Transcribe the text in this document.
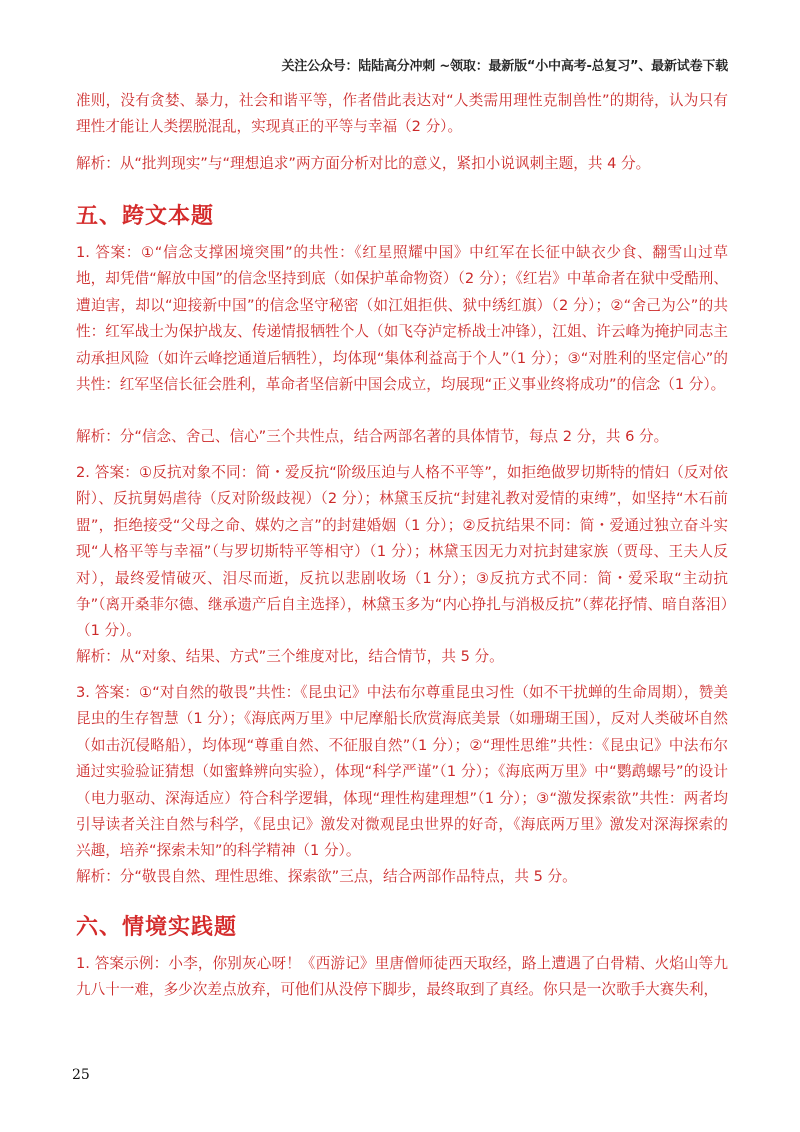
关注公众号：陆陆高分冲刺 ~领取：最新版“小中高考-总复习”、最新试卷下载

准则，没有贪婪、暴力，社会和谐平等，作者借此表达对“人类需用理性克制兽性”的期待，认为只有理性才能让人类摆脱混乱，实现真正的平等与幸福（2 分）。

解析：从“批判现实”与“理想追求”两方面分析对比的意义，紧扣小说讽刺主题，共 4 分。

五、跨文本题

1. 答案：①“信念支撑困境突围”的共性：《红星照耀中国》中红军在长征中缺衣少食、翻雪山过草地，却凭借“解放中国”的信念坚持到底（如保护革命物资）（2 分）；《红岩》中革命者在狱中受酷刑、遭迫害，却以“迎接新中国”的信念坚守秘密（如江姐拒供、狱中绣红旗）（2 分）；②“舍己为公”的共性：红军战士为保护战友、传递情报牺牲个人（如飞夺泸定桥战士冲锋），江姐、许云峰为掩护同志主动承担风险（如许云峰挖通道后牺牲），均体现“集体利益高于个人”（1 分）；③“对胜利的坚定信心”的共性：红军坚信长征会胜利，革命者坚信新中国会成立，均展现“正义事业终将成功”的信念（1 分）。

解析：分“信念、舍己、信心”三个共性点，结合两部名著的具体情节，每点 2 分，共 6 分。

2. 答案：①反抗对象不同：简・爱反抗“阶级压迫与人格不平等”，如拒绝做罗切斯特的情妇（反对依附）、反抗舅妈虐待（反对阶级歧视）（2 分）；林黛玉反抗“封建礼教对爱情的束缚”，如坚持“木石前盟”，拒绝接受“父母之命、媒妁之言”的封建婚姻（1 分）；②反抗结果不同：简・爱通过独立奋斗实现“人格平等与幸福”（与罗切斯特平等相守）（1 分）；林黛玉因无力对抗封建家族（贾母、王夫人反对），最终爱情破灭、泪尽而逝，反抗以悲剧收场（1 分）；③反抗方式不同：简・爱采取“主动抗争”（离开桑菲尔德、继承遗产后自主选择），林黛玉多为“内心挣扎与消极反抗”（葬花抒情、暗自落泪）（1 分）。

解析：从“对象、结果、方式”三个维度对比，结合情节，共 5 分。

3. 答案：①“对自然的敬畏”共性：《昆虫记》中法布尔尊重昆虫习性（如不干扰蝉的生命周期），赞美昆虫的生存智慧（1 分）；《海底两万里》中尼摩船长欣赏海底美景（如珊瑚王国），反对人类破坏自然（如击沉侵略船），均体现“尊重自然、不征服自然”（1 分）；②“理性思维”共性：《昆虫记》中法布尔通过实验验证猜想（如蜜蜂辨向实验），体现“科学严谨”（1 分）；《海底两万里》中“鹦鹉螺号”的设计（电力驱动、深海适应）符合科学逻辑，体现“理性构建理想”（1 分）；③“激发探索欲”共性：两者均引导读者关注自然与科学，《昆虫记》激发对微观昆虫世界的好奇，《海底两万里》激发对深海探索的兴趣，培养“探索未知”的科学精神（1 分）。

解析：分“敬畏自然、理性思维、探索欲”三点，结合两部作品特点，共 5 分。

六、情境实践题

1. 答案示例：小李，你别灰心呀！《西游记》里唐僧师徒西天取经，路上遭遇了白骨精、火焰山等九九八十一难，多少次差点放弃，可他们从没停下脚步，最终取到了真经。你只是一次歌手大赛失利，

25
